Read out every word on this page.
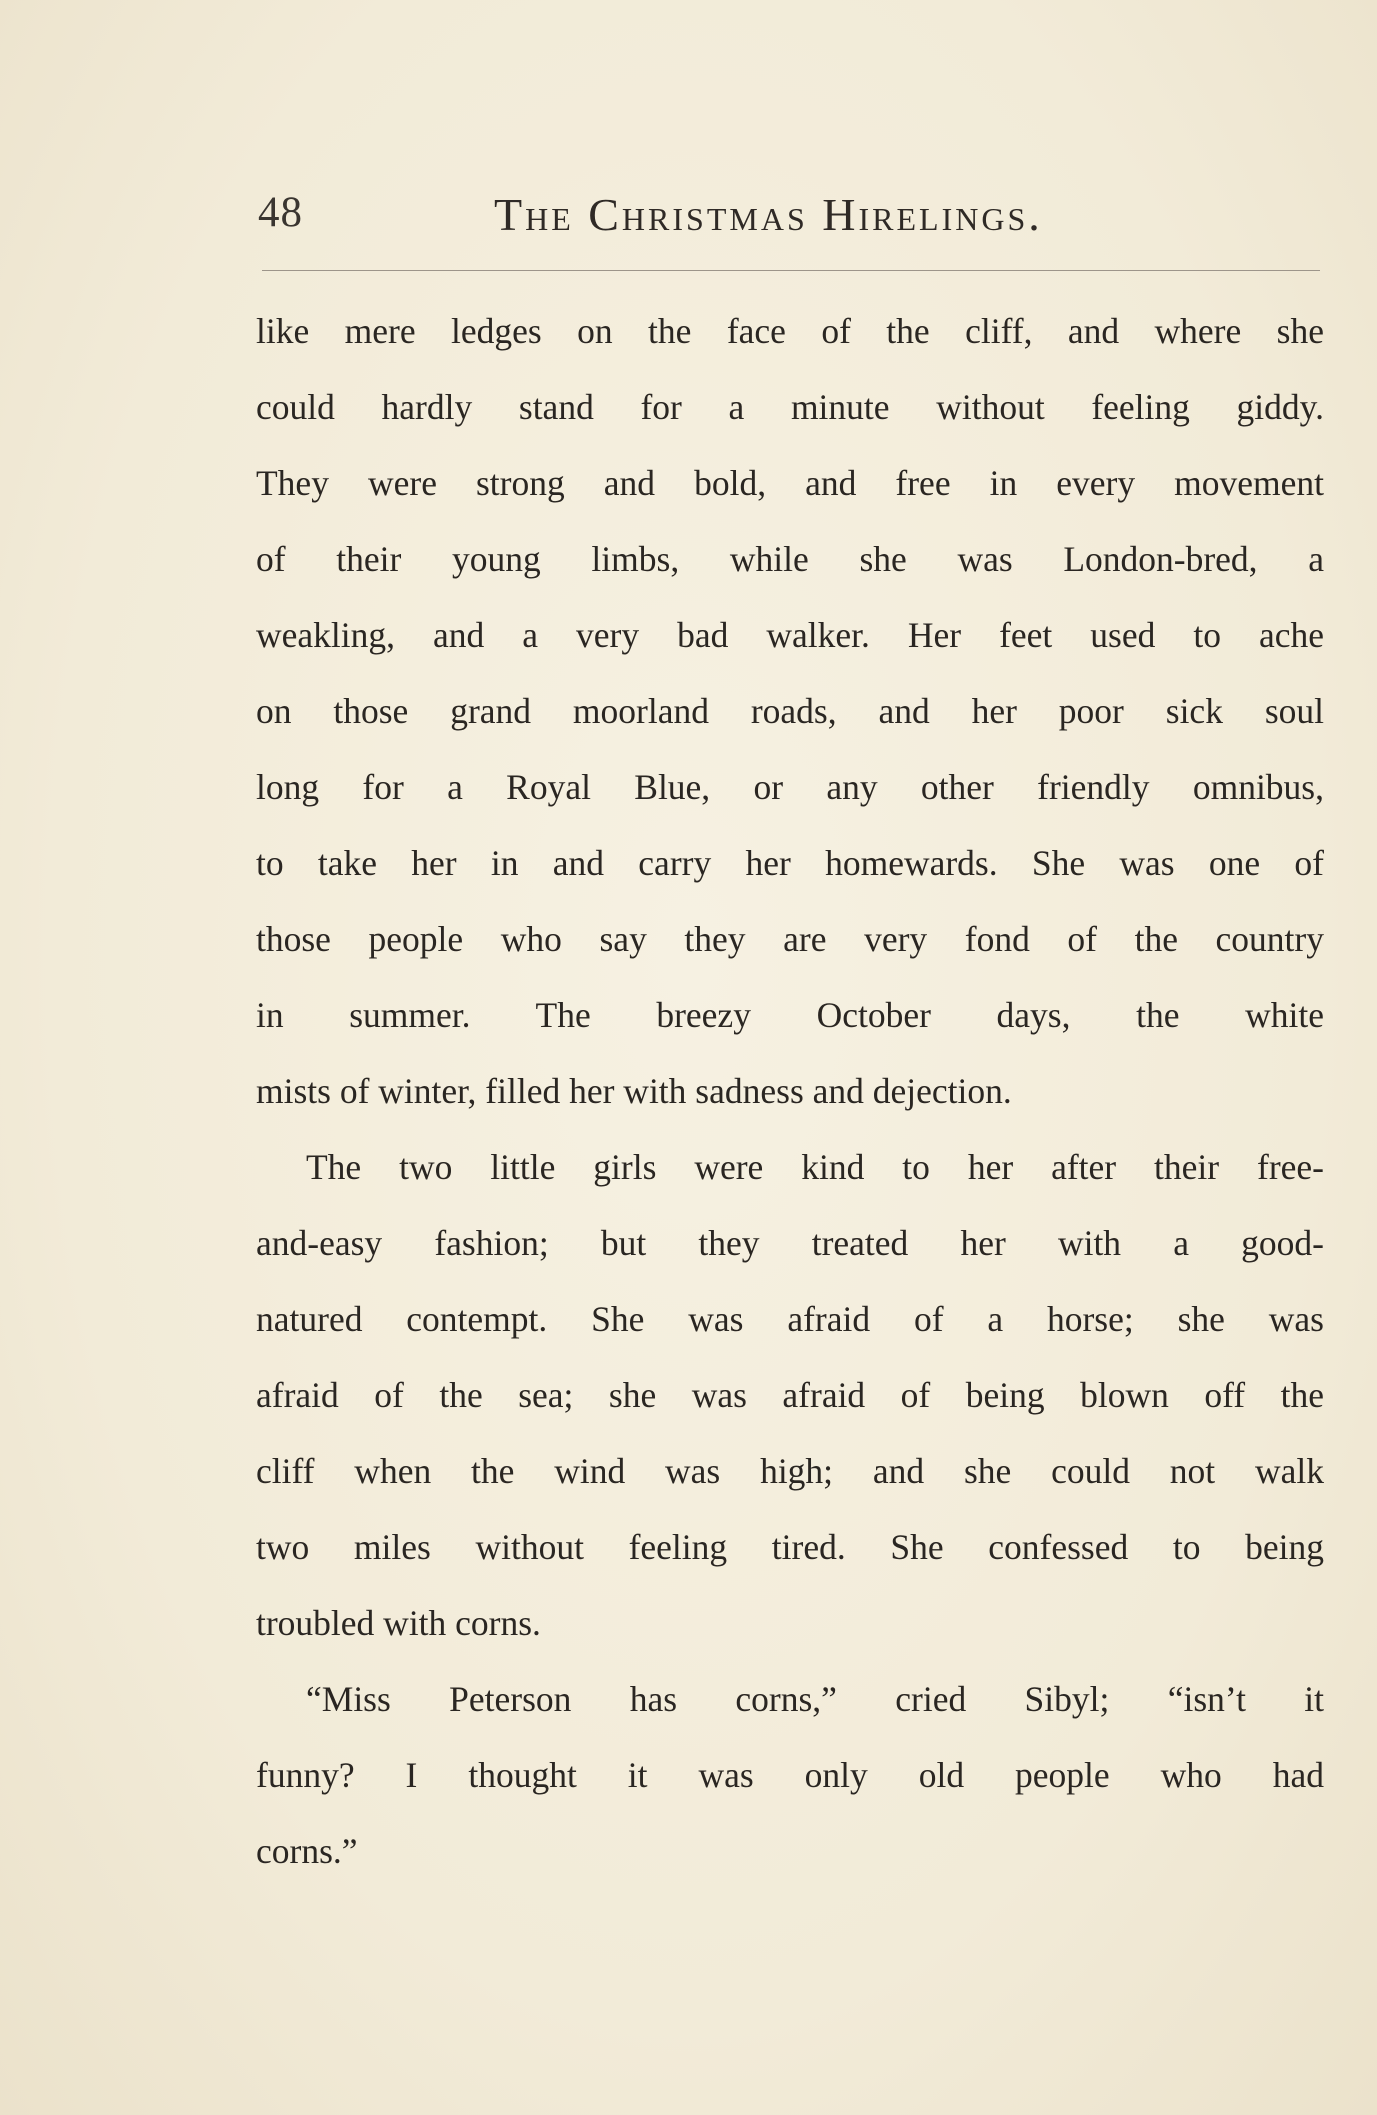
48	The Christmas Hirelings.
like mere ledges on the face of the cliff, and where she
could hardly stand for a minute without feeling giddy.
They were strong and bold, and free in every movement
of their young limbs, while she was London-bred, a
weakling, and a very bad walker. Her feet used to ache
on those grand moorland roads, and her poor sick soul
long for a Royal Blue, or any other friendly omnibus,
to take her in and carry her homewards. She was one of
those people who say they are very fond of the country
in summer. The breezy October days, the white
mists of winter, filled her with sadness and dejection.
The two little girls were kind to her after their free-
and-easy fashion; but they treated her with a good-
natured contempt. She was afraid of a horse; she was
afraid of the sea; she was afraid of being blown off the
cliff when the wind was high; and she could not walk
two miles without feeling tired. She confessed to being
troubled with corns.
“Miss Peterson has corns,” cried Sibyl; “isn’t it
funny? I thought it was only old people who had
corns.”
